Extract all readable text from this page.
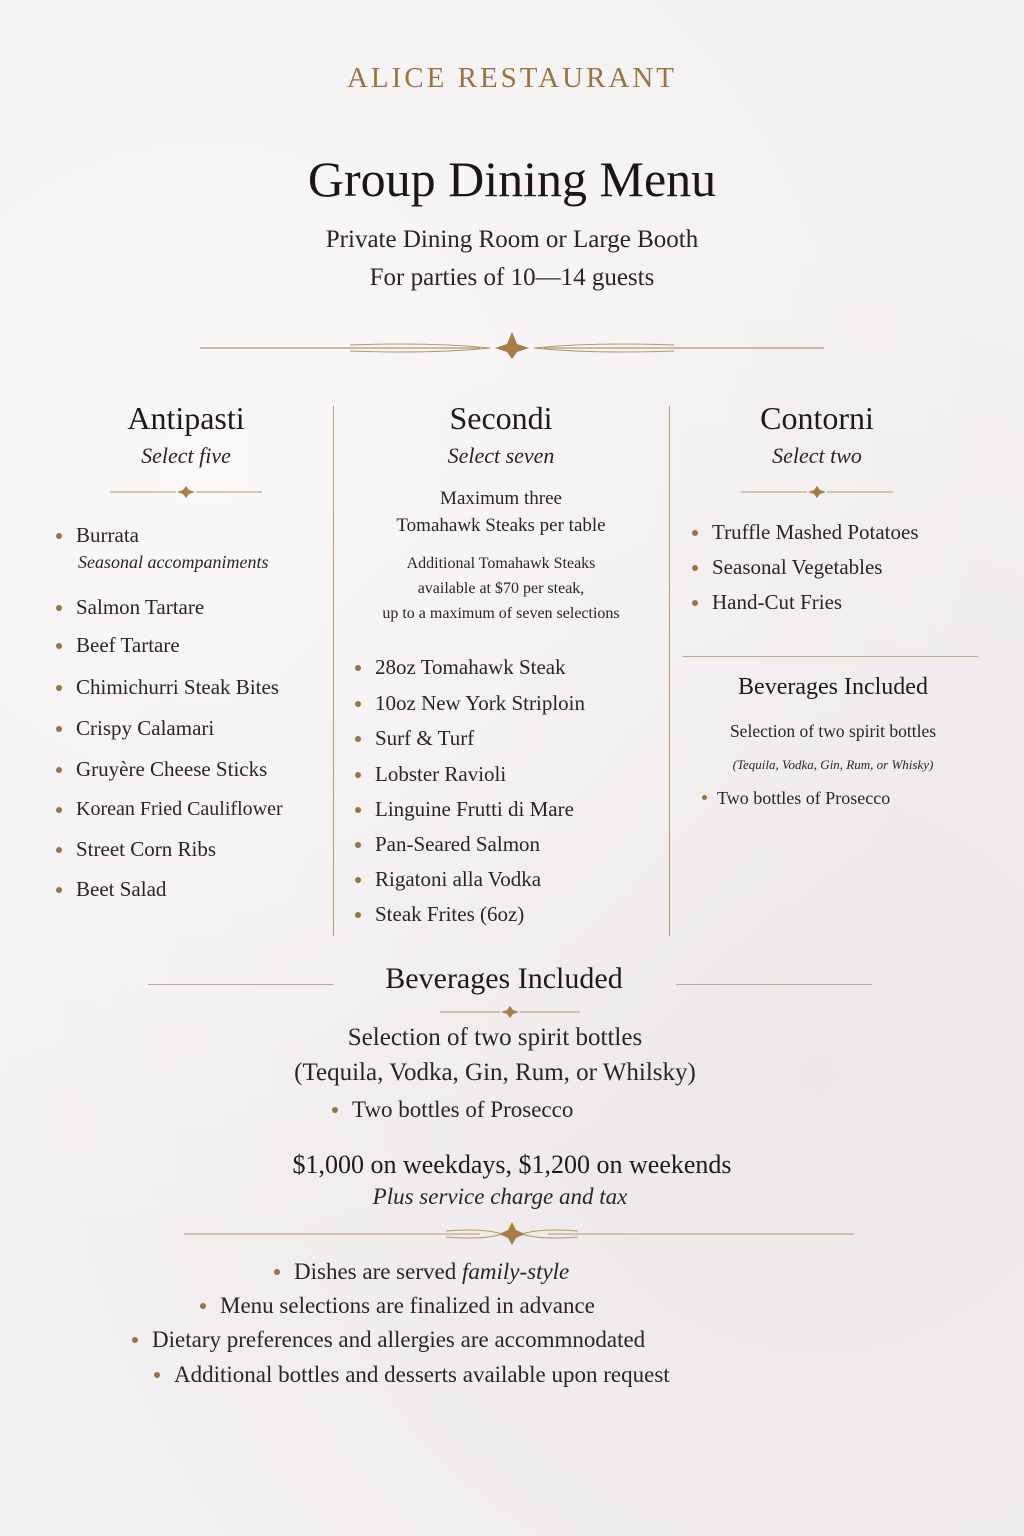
ALICE RESTAURANT
Group Dining Menu
Private Dining Room or Large Booth
For parties of 10—14 guests
Antipasti
Select five
Burrata
Seasonal accompaniments
Salmon Tartare
Beef Tartare
Chimichurri Steak Bites
Crispy Calamari
Gruyère Cheese Sticks
Korean Fried Cauliflower
Street Corn Ribs
Beet Salad
Secondi
Select seven
Maximum three
Tomahawk Steaks per table
Additional Tomahawk Steaks
available at $70 per steak,
up to a maximum of seven selections
28oz Tomahawk Steak
10oz New York Striploin
Surf & Turf
Lobster Ravioli
Linguine Frutti di Mare
Pan-Seared Salmon
Rigatoni alla Vodka
Steak Frites (6oz)
Contorni
Select two
Truffle Mashed Potatoes
Seasonal Vegetables
Hand-Cut Fries
Beverages Included
Selection of two spirit bottles
(Tequila, Vodka, Gin, Rum, or Whisky)
Two bottles of Prosecco
Beverages Included
Selection of two spirit bottles
(Tequila, Vodka, Gin, Rum, or Whilsky)
Two bottles of Prosecco
$1,000 on weekdays, $1,200 on weekends
Plus service charge and tax
Dishes are served family-style
Menu selections are finalized in advance
Dietary preferences and allergies are accommnodated
Additional bottles and desserts available upon request
